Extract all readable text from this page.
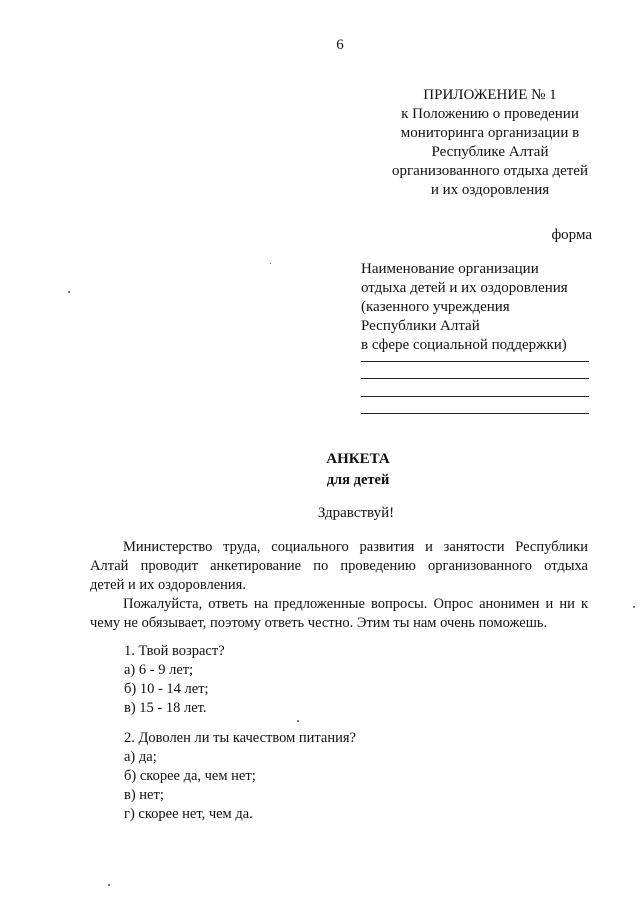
6
ПРИЛОЖЕНИЕ № 1
к Положению о проведении
мониторинга организации в
Республике Алтай
организованного отдыха детей
и их оздоровления
форма
Наименование организации
отдыха детей и их оздоровления
(казенного учреждения
Республики Алтай
в сфере социальной поддержки)
АНКЕТА
для детей
Здравствуй!
Министерство труда, социального развития и занятости Республики
Алтай проводит анкетирование по проведению организованного отдыха
детей и их оздоровления.
Пожалуйста, ответь на предложенные вопросы. Опрос анонимен и ни к
чему не обязывает, поэтому ответь честно. Этим ты нам очень поможешь.
1. Твой возраст?
а) 6 - 9 лет;
б) 10 - 14 лет;
в) 15 - 18 лет.
2. Доволен ли ты качеством питания?
а) да;
б) скорее да, чем нет;
в) нет;
г) скорее нет, чем да.
